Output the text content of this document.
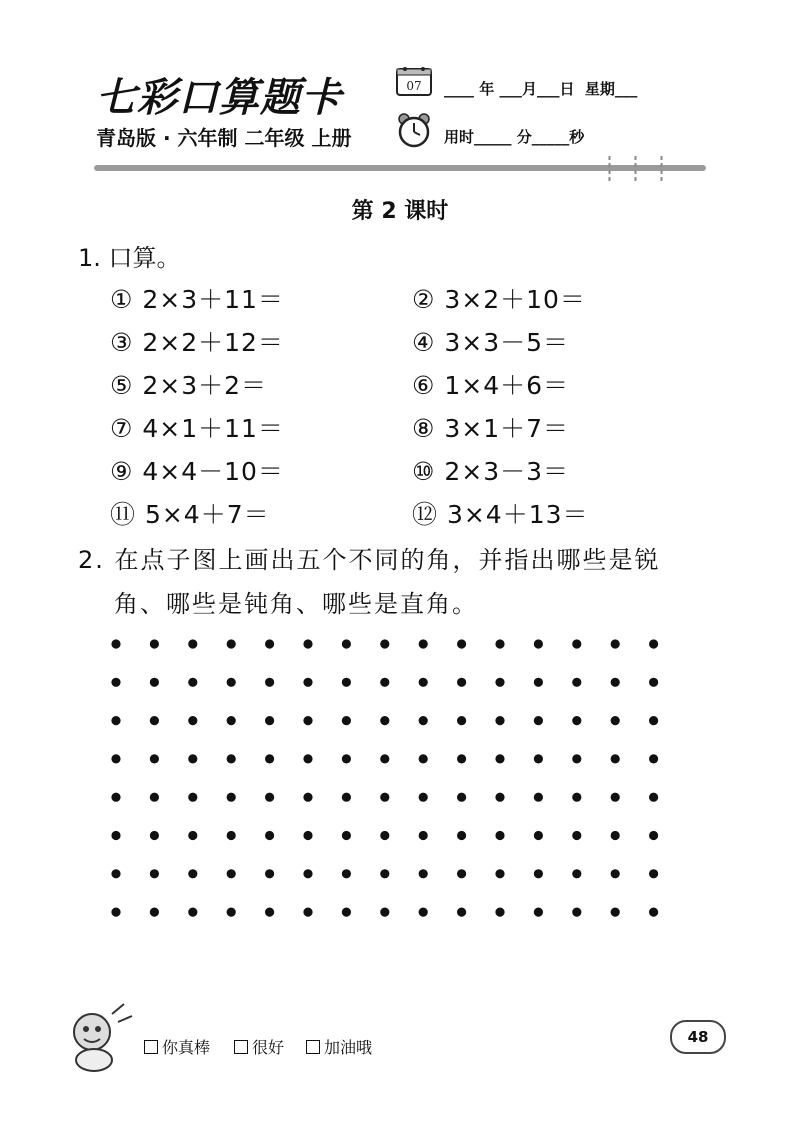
七彩口算题卡
青岛版 · 六年制 二年级 上册
07 ____ 年 ___月___日  星期___
用时_____ 分_____秒
第 2 课时
1. 口算。
① 2×3＋11＝	② 3×2＋10＝
③ 2×2＋12＝	④ 3×3－5＝
⑤ 2×3＋2＝	⑥ 1×4＋6＝
⑦ 4×1＋11＝	⑧ 3×1＋7＝
⑨ 4×4－10＝	⑩ 2×3－3＝
⑪ 5×4＋7＝	⑫ 3×4＋13＝
2. 在点子图上画出五个不同的角，并指出哪些是锐
角、哪些是钝角、哪些是直角。
你真棒	很好 加油哦
48
